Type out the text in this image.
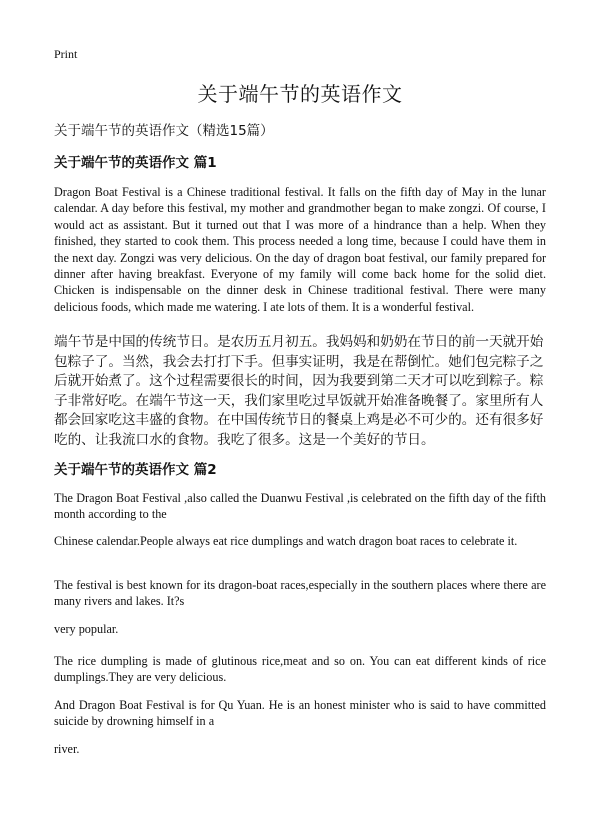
Print
关于端午节的英语作文
关于端午节的英语作文（精选15篇）
关于端午节的英语作文 篇1
Dragon Boat Festival is a Chinese traditional festival. It falls on the fifth day of May in the lunar calendar. A day before this festival, my mother and grandmother began to make zongzi. Of course, I would act as assistant. But it turned out that I was more of a hindrance than a help. When they finished, they started to cook them. This process needed a long time, because I could have them in the next day. Zongzi was very delicious. On the day of dragon boat festival, our family prepared for dinner after having breakfast. Everyone of my family will come back home for the solid diet. Chicken is indispensable on the dinner desk in Chinese traditional festival. There were many delicious foods, which made me watering. I ate lots of them. It is a wonderful festival.
端午节是中国的传统节日。是农历五月初五。我妈妈和奶奶在节日的前一天就开始包粽子了。当然，我会去打打下手。但事实证明，我是在帮倒忙。她们包完粽子之后就开始煮了。这个过程需要很长的时间，因为我要到第二天才可以吃到粽子。粽子非常好吃。在端午节这一天，我们家里吃过早饭就开始准备晚餐了。家里所有人都会回家吃这丰盛的食物。在中国传统节日的餐桌上鸡是必不可少的。还有很多好吃的、让我流口水的食物。我吃了很多。这是一个美好的节日。
关于端午节的英语作文 篇2
The Dragon Boat Festival ,also called the Duanwu Festival ,is celebrated on the fifth day of the fifth month according to the
Chinese calendar.People always eat rice dumplings and watch dragon boat races to celebrate it.
The festival is best known for its dragon-boat races,especially in the southern places where there are many rivers and lakes. It?s
very popular.
The rice dumpling is made of glutinous rice,meat and so on. You can eat different kinds of rice dumplings.They are very delicious.
And Dragon Boat Festival is for Qu Yuan. He is an honest minister who is said to have committed suicide by drowning himself in a
river.
